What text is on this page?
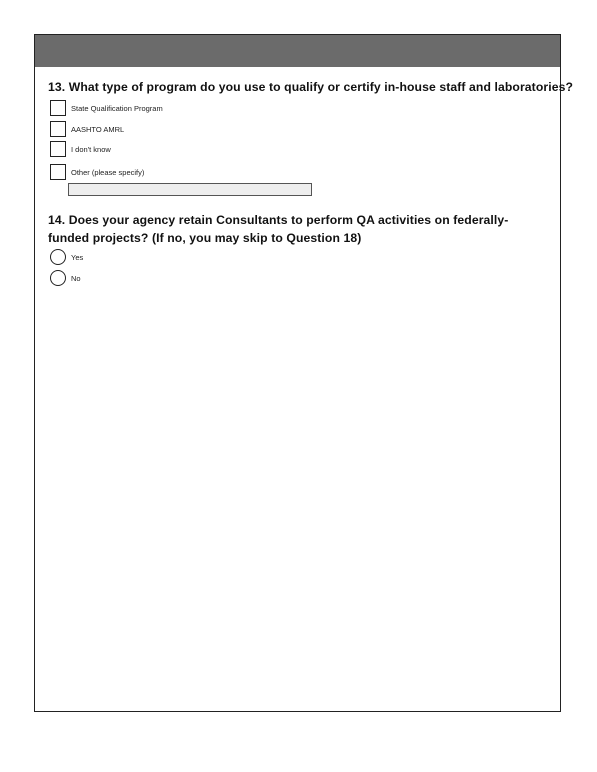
13. What type of program do you use to qualify or certify in-house staff and laboratories?
State Qualification Program
AASHTO AMRL
I don't know
Other (please specify)
14. Does your agency retain Consultants to perform QA activities on federally-funded projects? (If no, you may skip to Question 18)
Yes
No
